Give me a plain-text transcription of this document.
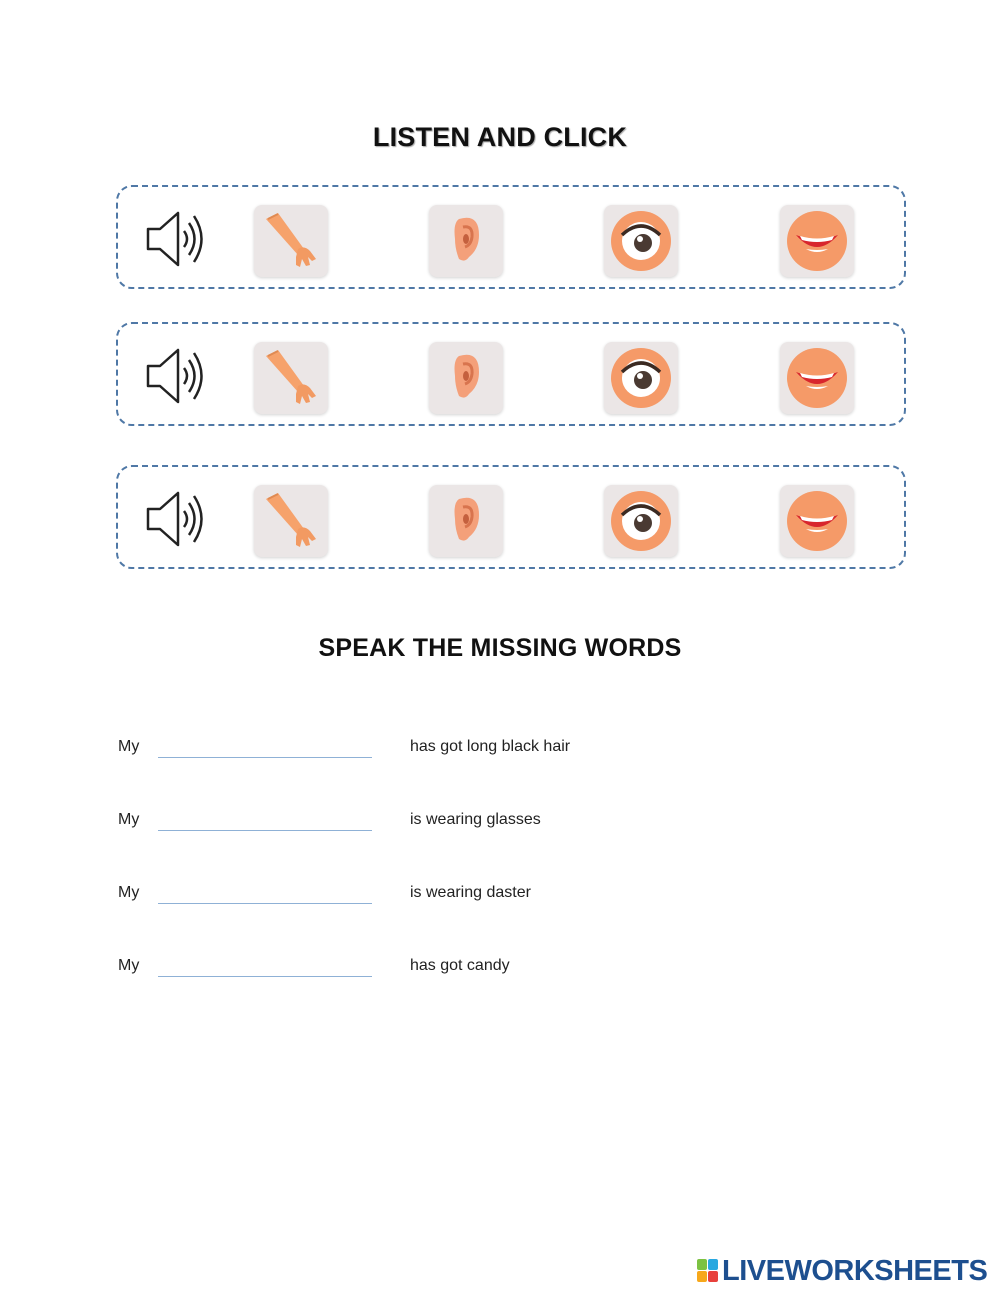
LISTEN AND CLICK
SPEAK THE MISSING WORDS
My	has got long black hair
My	is wearing glasses
My	is wearing daster
My	has got candy
LIVEWORKSHEETS
